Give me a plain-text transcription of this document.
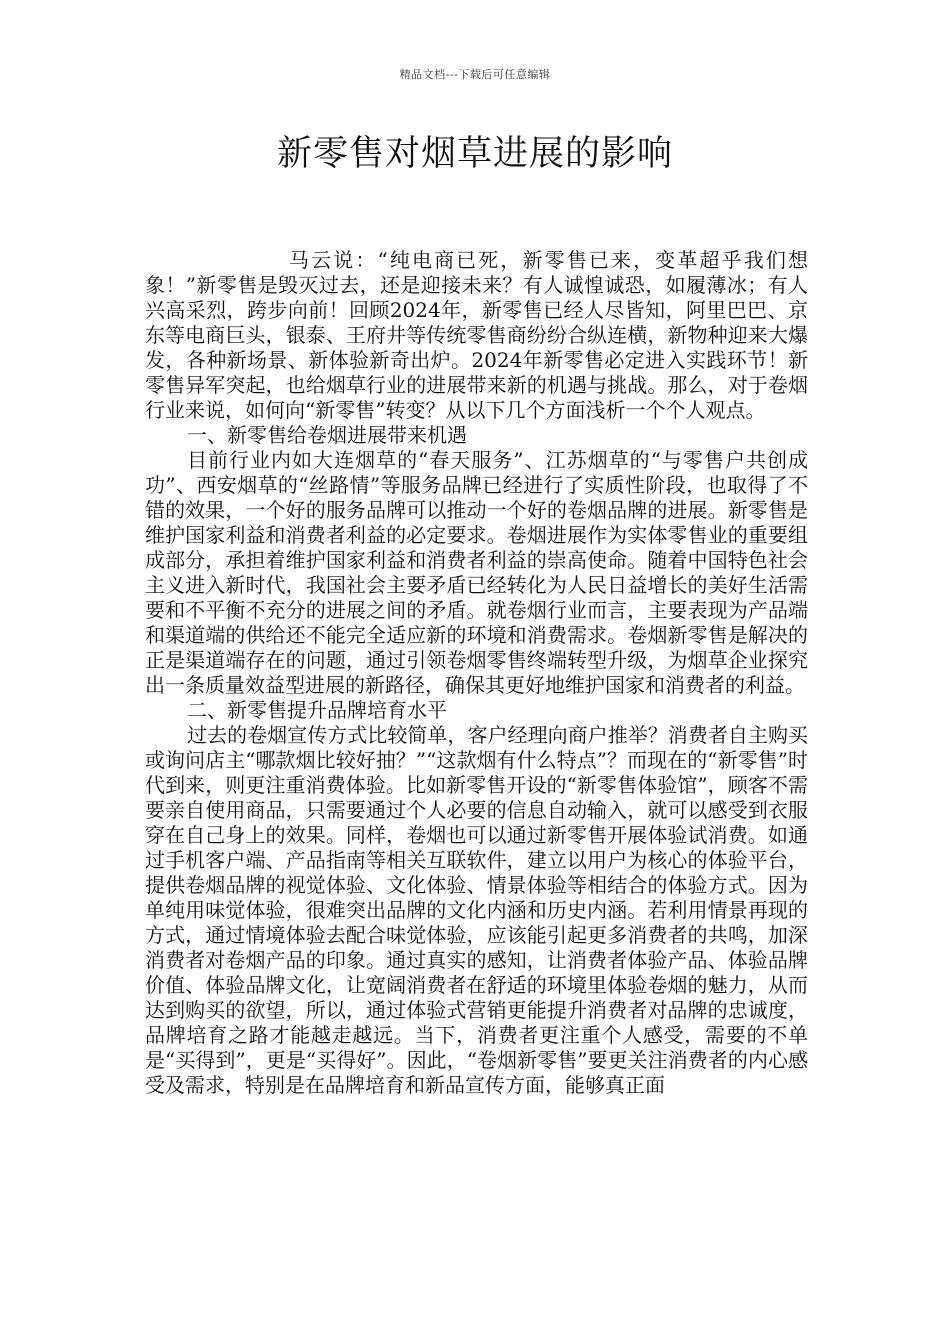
精品文档---下载后可任意编辑
新零售对烟草进展的影响

马云说：“纯电商已死，新零售已来，变革超乎我们想象！”新零售是毁灭过去，还是迎接未来？有人诚惶诚恐，如履薄冰；有人兴高采烈，跨步向前！回顾2024年，新零售已经人尽皆知，阿里巴巴、京东等电商巨头，银泰、王府井等传统零售商纷纷合纵连横，新物种迎来大爆发，各种新场景、新体验新奇出炉。2024年新零售必定进入实践环节！新零售异军突起，也给烟草行业的进展带来新的机遇与挑战。那么，对于卷烟行业来说，如何向“新零售”转变？从以下几个方面浅析一个个人观点。

一、新零售给卷烟进展带来机遇

目前行业内如大连烟草的“春天服务”、江苏烟草的“与零售户共创成功”、西安烟草的“丝路情”等服务品牌已经进行了实质性阶段，也取得了不错的效果，一个好的服务品牌可以推动一个好的卷烟品牌的进展。新零售是维护国家利益和消费者利益的必定要求。卷烟进展作为实体零售业的重要组成部分，承担着维护国家利益和消费者利益的崇高使命。随着中国特色社会主义进入新时代，我国社会主要矛盾已经转化为人民日益增长的美好生活需要和不平衡不充分的进展之间的矛盾。就卷烟行业而言，主要表现为产品端和渠道端的供给还不能完全适应新的环境和消费需求。卷烟新零售是解决的正是渠道端存在的问题，通过引领卷烟零售终端转型升级，为烟草企业探究出一条质量效益型进展的新路径，确保其更好地维护国家和消费者的利益。

二、新零售提升品牌培育水平

过去的卷烟宣传方式比较简单，客户经理向商户推举？消费者自主购买或询问店主“哪款烟比较好抽？”“这款烟有什么特点”？而现在的“新零售”时代到来，则更注重消费体验。比如新零售开设的“新零售体验馆”，顾客不需要亲自使用商品，只需要通过个人必要的信息自动输入，就可以感受到衣服穿在自己身上的效果。同样，卷烟也可以通过新零售开展体验试消费。如通过手机客户端、产品指南等相关互联软件，建立以用户为核心的体验平台，提供卷烟品牌的视觉体验、文化体验、情景体验等相结合的体验方式。因为单纯用味觉体验，很难突出品牌的文化内涵和历史内涵。若利用情景再现的方式，通过情境体验去配合味觉体验，应该能引起更多消费者的共鸣，加深消费者对卷烟产品的印象。通过真实的感知，让消费者体验产品、体验品牌价值、体验品牌文化，让宽阔消费者在舒适的环境里体验卷烟的魅力，从而达到购买的欲望，所以，通过体验式营销更能提升消费者对品牌的忠诚度，品牌培育之路才能越走越远。当下，消费者更注重个人感受，需要的不单是“买得到”，更是“买得好”。因此，“卷烟新零售”要更关注消费者的内心感受及需求，特别是在品牌培育和新品宣传方面，能够真正面
